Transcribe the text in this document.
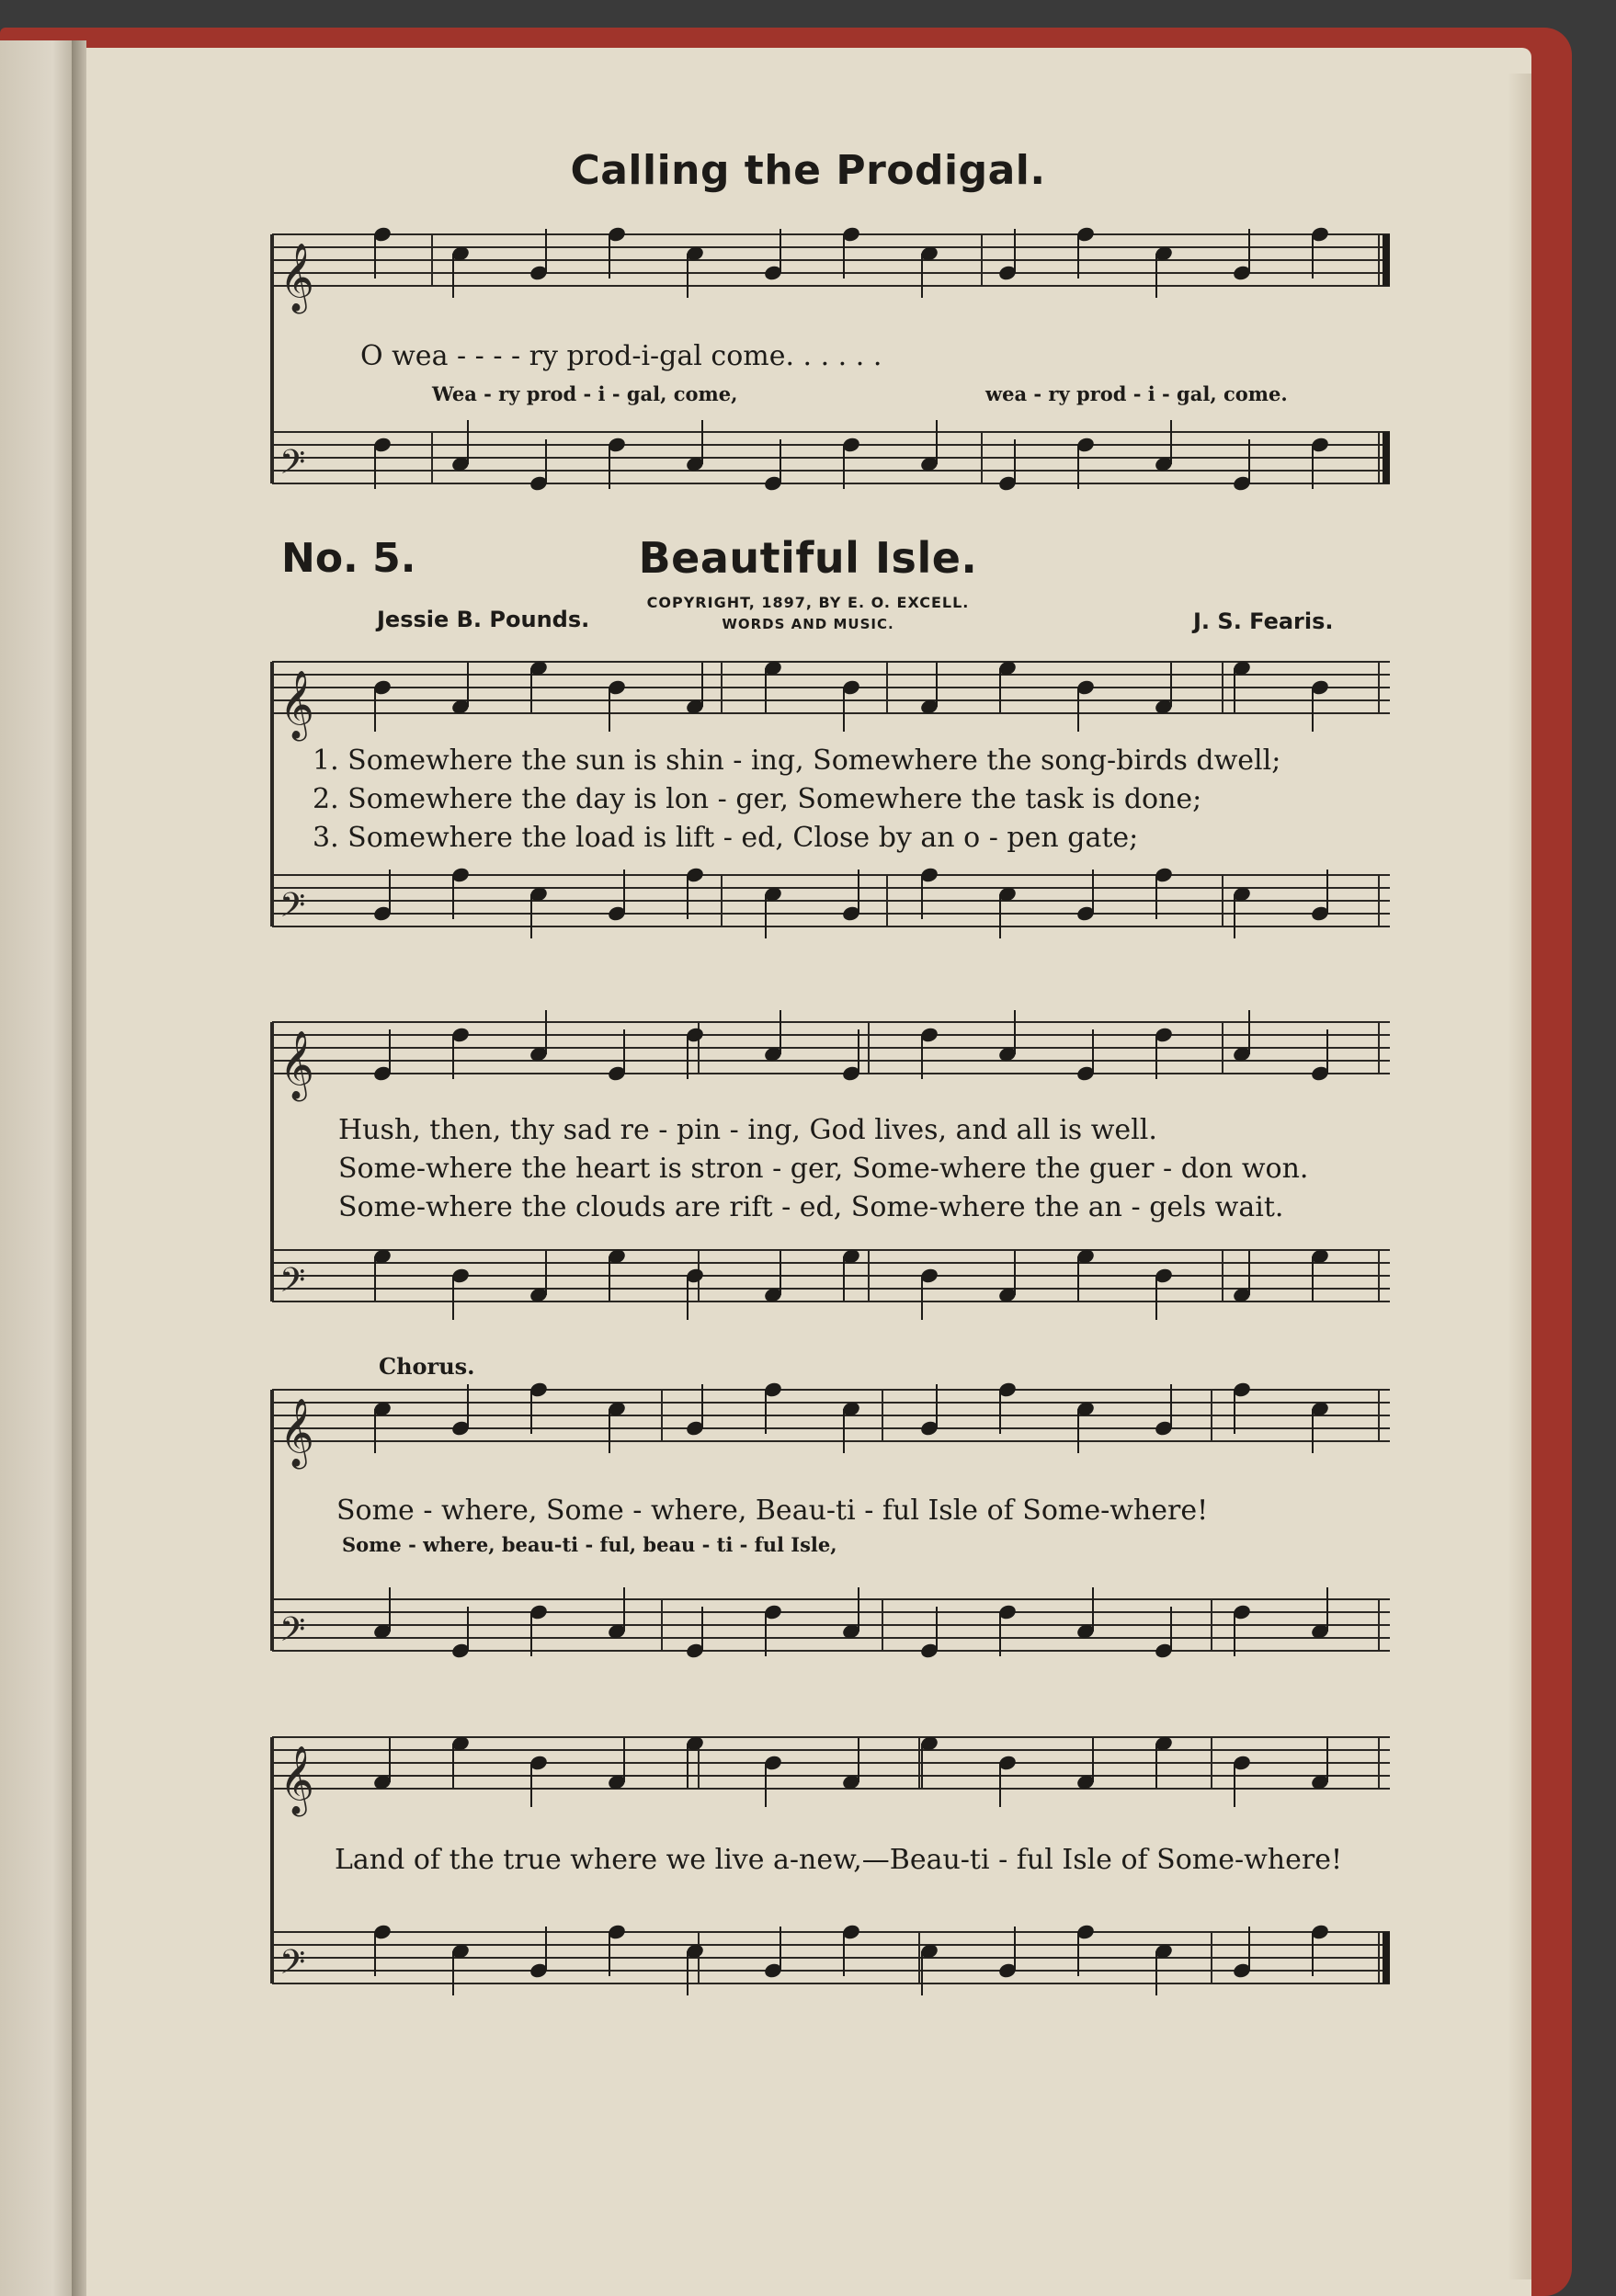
𝄞
𝄢
𝄞
𝄢
𝄞
𝄢
𝄞
𝄢
𝄞
𝄢
Calling the Prodigal.
O wea - - - - ry prod-i-gal come. . . . . .
Wea - ry prod - i - gal, come,	wea - ry prod - i - gal, come.
No. 5.	Beautiful Isle.
Jessie B. Pounds.
COPYRIGHT, 1897, BY E. O. EXCELL.
WORDS AND MUSIC.	J. S. Fearis.
1. Somewhere the sun is shin - ing, Somewhere the song-birds dwell;
2. Somewhere the day is lon - ger, Somewhere the task is done;
3. Somewhere the load is lift - ed, Close by an o - pen gate;
Hush, then, thy sad re - pin - ing, God lives, and all is well.
Some-where the heart is stron - ger, Some-where the guer - don won.
Some-where the clouds are rift - ed, Some-where the an - gels wait.
Chorus.
Some - where, Some - where, Beau-ti - ful Isle of Some-where!
Some - where, beau-ti - ful, beau - ti - ful Isle,
Land of the true where we live a-new,—Beau-ti - ful Isle of Some-where!
